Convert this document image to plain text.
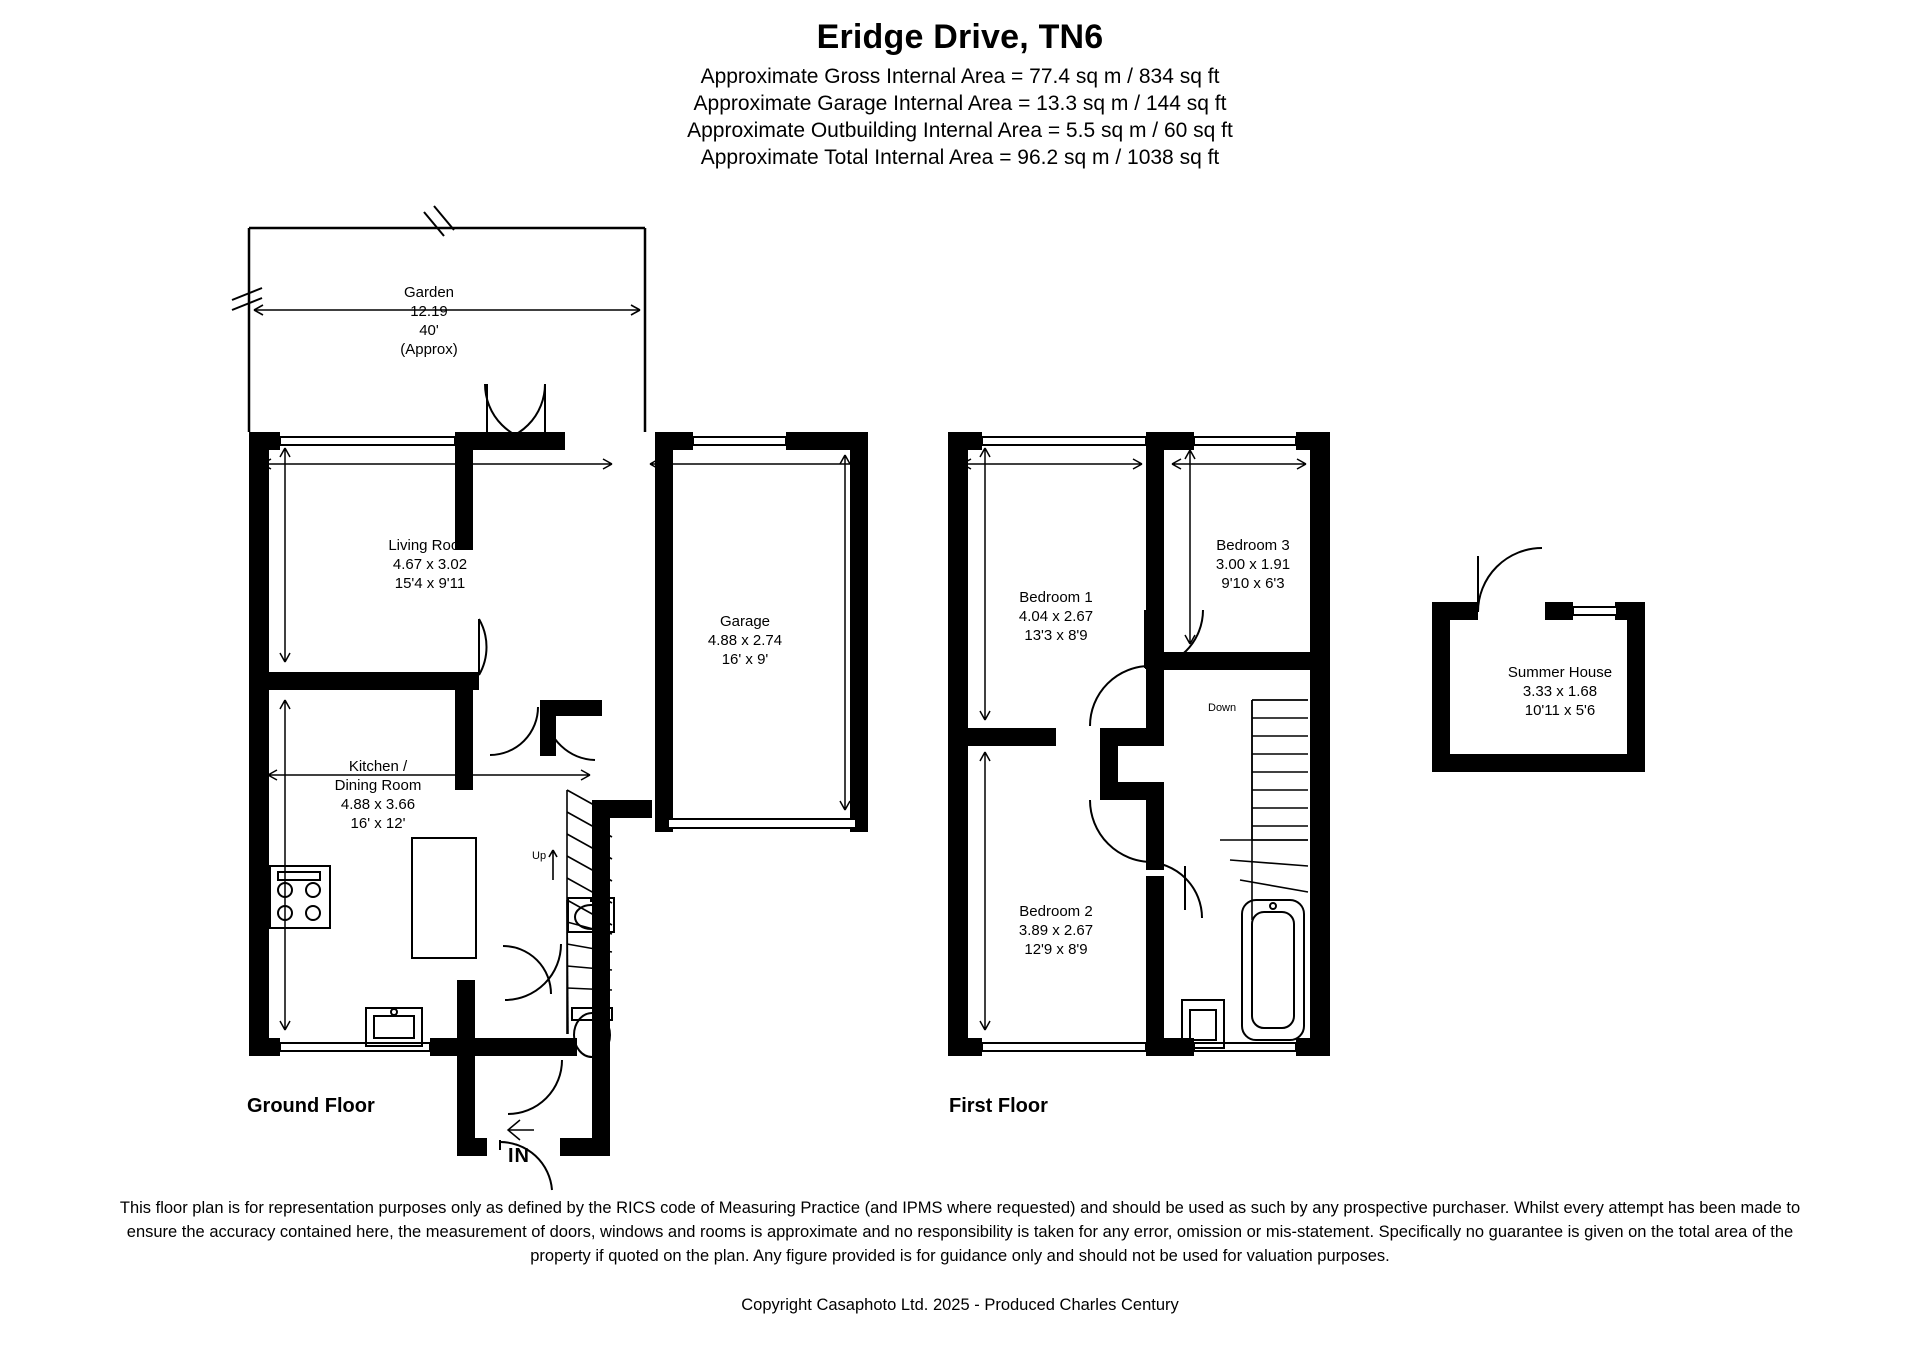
Eridge Drive, TN6
Approximate Gross Internal Area = 77.4 sq m / 834 sq ft
Approximate Garage Internal Area = 13.3 sq m / 144 sq ft
Approximate Outbuilding Internal Area = 5.5 sq m / 60 sq ft
Approximate Total Internal Area = 96.2 sq m / 1038 sq ft
Ground Floor	First Floor
Garden
12.19
40'
(Approx)
Living Room
4.67 x 3.02
15'4 x 9'11
Kitchen /
Dining Room
4.88 x 3.66
16' x 12'
Garage
4.88 x 2.74
16' x 9'
Bedroom 1
4.04 x 2.67
13'3 x 8'9
Bedroom 2
3.89 x 2.67
12'9 x 8'9
Bedroom 3
3.00 x 1.91
9'10 x 6'3
Summer House
3.33 x 1.68
10'11 x 5'6
Up
Down
IN
This floor plan is for representation purposes only as defined by the RICS code of Measuring Practice (and IPMS where requested) and should be used as such by any prospective purchaser. Whilst every attempt has been made to ensure the accuracy contained here, the measurement of doors, windows and rooms is approximate and no responsibility is taken for any error, omission or mis-statement. Specifically no guarantee is given on the total area of the property if quoted on the plan. Any figure provided is for guidance only and should not be used for valuation purposes.
Copyright Casaphoto Ltd. 2025 - Produced Charles Century
